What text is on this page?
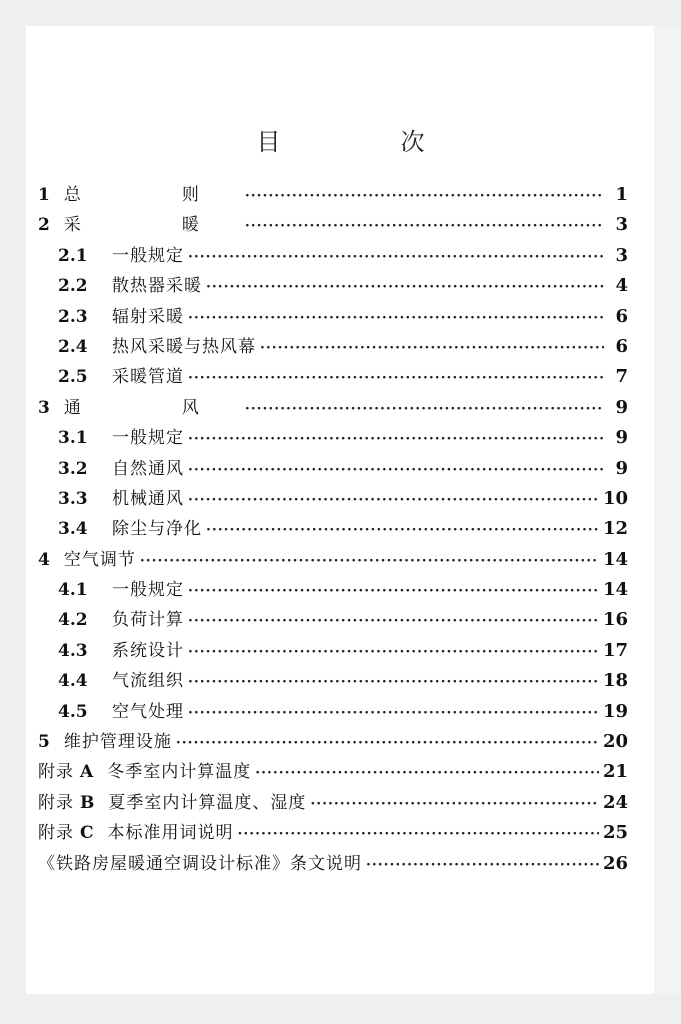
目　次
1 总　则 ·····	1
2 采　暖 ·····	3
2.1	一般规定 ·····	3
2.2	散热器采暖 ·····	4
2.3	辐射采暖 ·····	6
2.4	热风采暖与热风幕 ·····	6
2.5	采暖管道 ·····	7
3 通　风 ·····	9
3.1	一般规定 ·····	9
3.2	自然通风 ·····	9
3.3	机械通风 ·····	10
3.4	除尘与净化 ·····	12
4 空气调节 ·····	14
4.1	一般规定 ·····	14
4.2	负荷计算 ·····	16
4.3	系统设计 ·····	17
4.4	气流组织 ·····	18
4.5	空气处理 ·····	19
5 维护管理设施 ·····	20
附录 A 冬季室内计算温度 ·····	21
附录 B 夏季室内计算温度、湿度 ·····	24
附录 C 本标准用词说明 ·····	25
《铁路房屋暖通空调设计标准》条文说明 ·····	26
